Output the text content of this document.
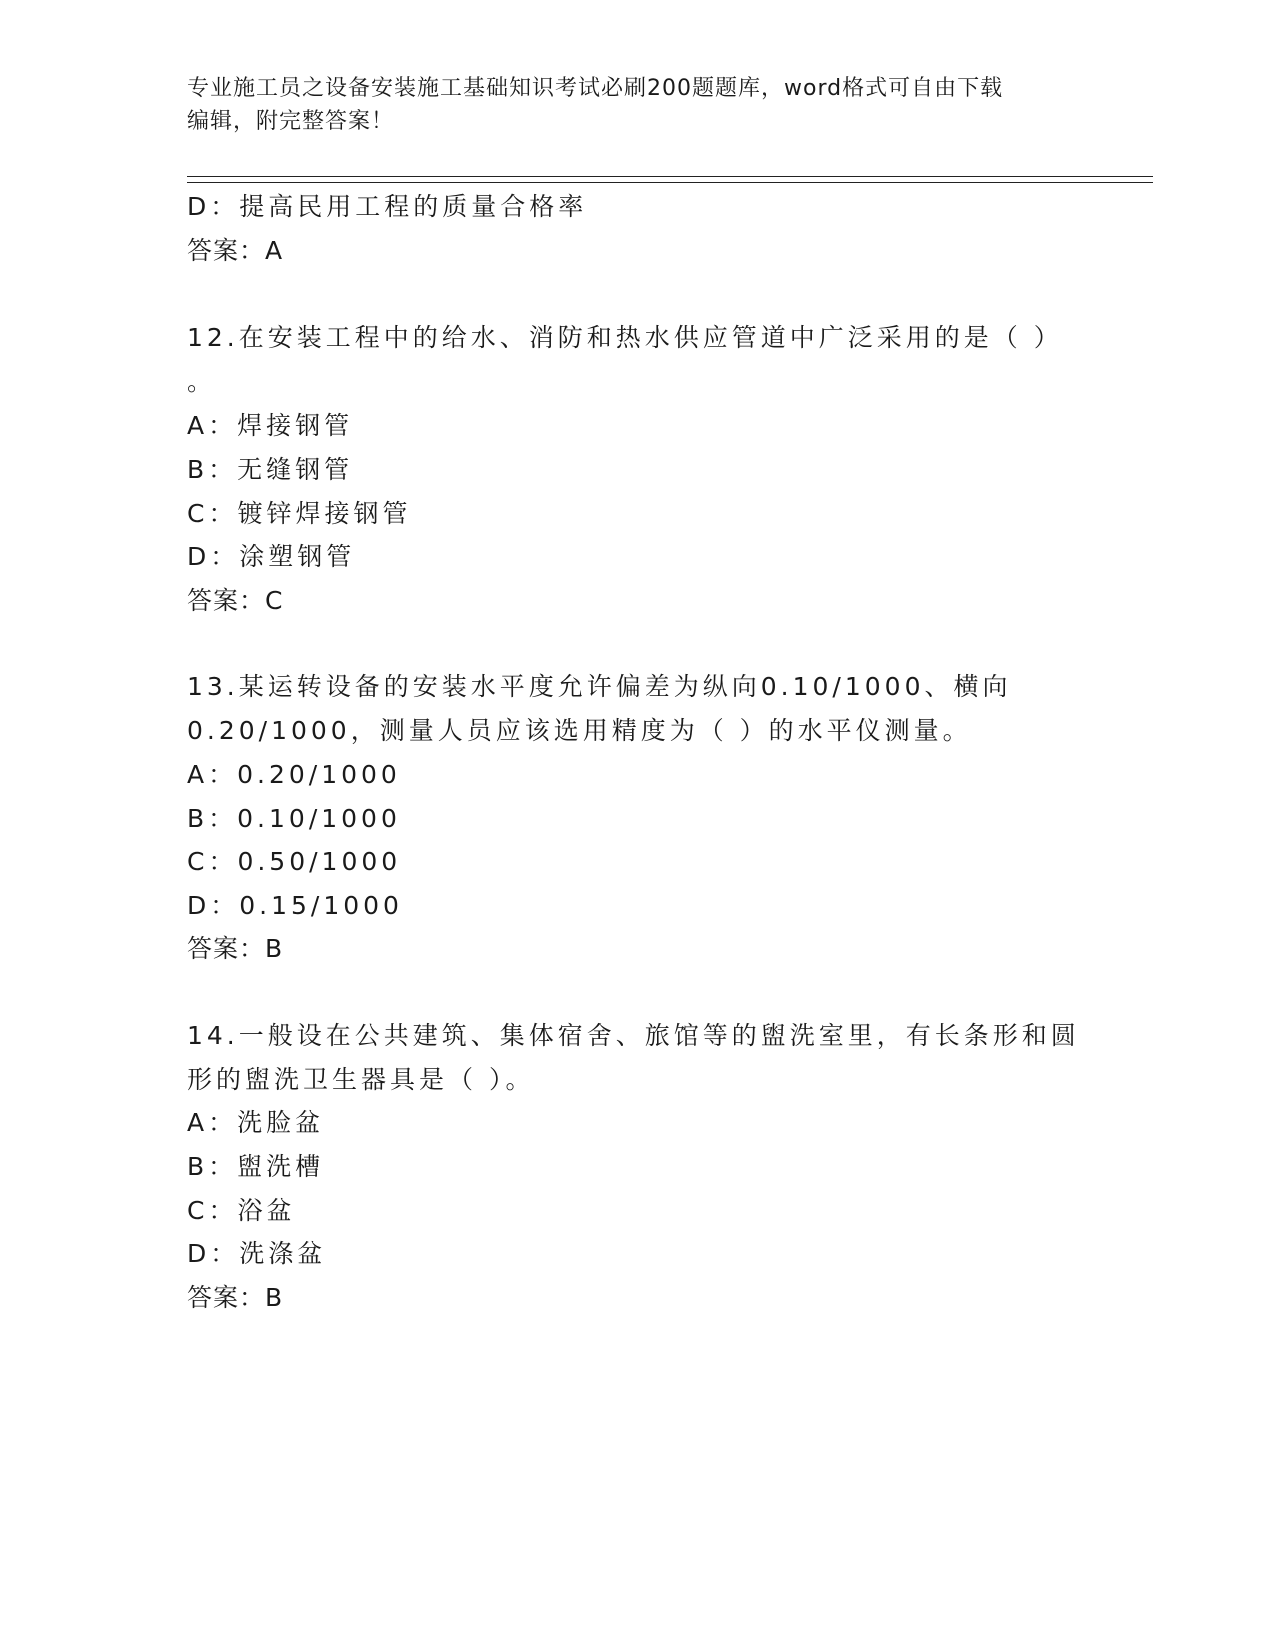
专业施工员之设备安装施工基础知识考试必刷200题题库，word格式可自由下载
编辑，附完整答案！
D：提高民用工程的质量合格率
答案：A
12.在安装工程中的给水、消防和热水供应管道中广泛采用的是（ ）
。
A：焊接钢管
B：无缝钢管
C：镀锌焊接钢管
D：涂塑钢管
答案：C
13.某运转设备的安装水平度允许偏差为纵向0.10/1000、横向
0.20/1000，测量人员应该选用精度为（ ）的水平仪测量。
A：0.20/1000
B：0.10/1000
C：0.50/1000
D：0.15/1000
答案：B
14.一般设在公共建筑、集体宿舍、旅馆等的盥洗室里，有长条形和圆
形的盥洗卫生器具是（ ）。
A：洗脸盆
B：盥洗槽
C：浴盆
D：洗涤盆
答案：B
